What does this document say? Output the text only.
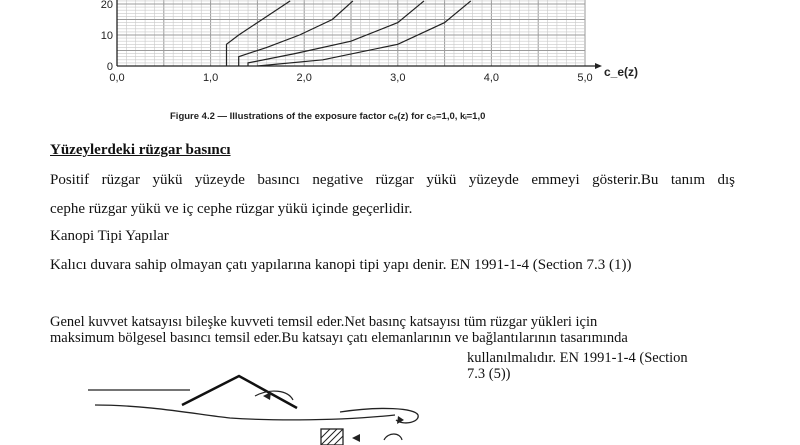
0,0	1,0	2,0	3,0	4,0	5,0
0
10
20
c_e(z)
Figure 4.2 — Illustrations of the exposure factor cₑ(z) for c₀=1,0, kᵢ=1,0
Yüzeylerdeki rüzgar basıncı
Positif rüzgar yükü yüzeyde basıncı negative rüzgar yükü yüzeyde emmeyi gösterir.Bu tanım dış
cephe rüzgar yükü ve iç cephe rüzgar yükü içinde geçerlidir.
Kanopi Tipi Yapılar
Kalıcı duvara sahip olmayan çatı yapılarına kanopi tipi yapı denir. EN 1991-1-4 (Section 7.3 (1))
Genel kuvvet katsayısı bileşke kuvveti temsil eder.Net basınç katsayısı tüm rüzgar yükleri için
maksimum bölgesel basıncı temsil eder.Bu katsayı çatı elemanlarının ve bağlantılarının tasarımında
kullanılmalıdır. EN 1991-1-4 (Section
7.3 (5))
